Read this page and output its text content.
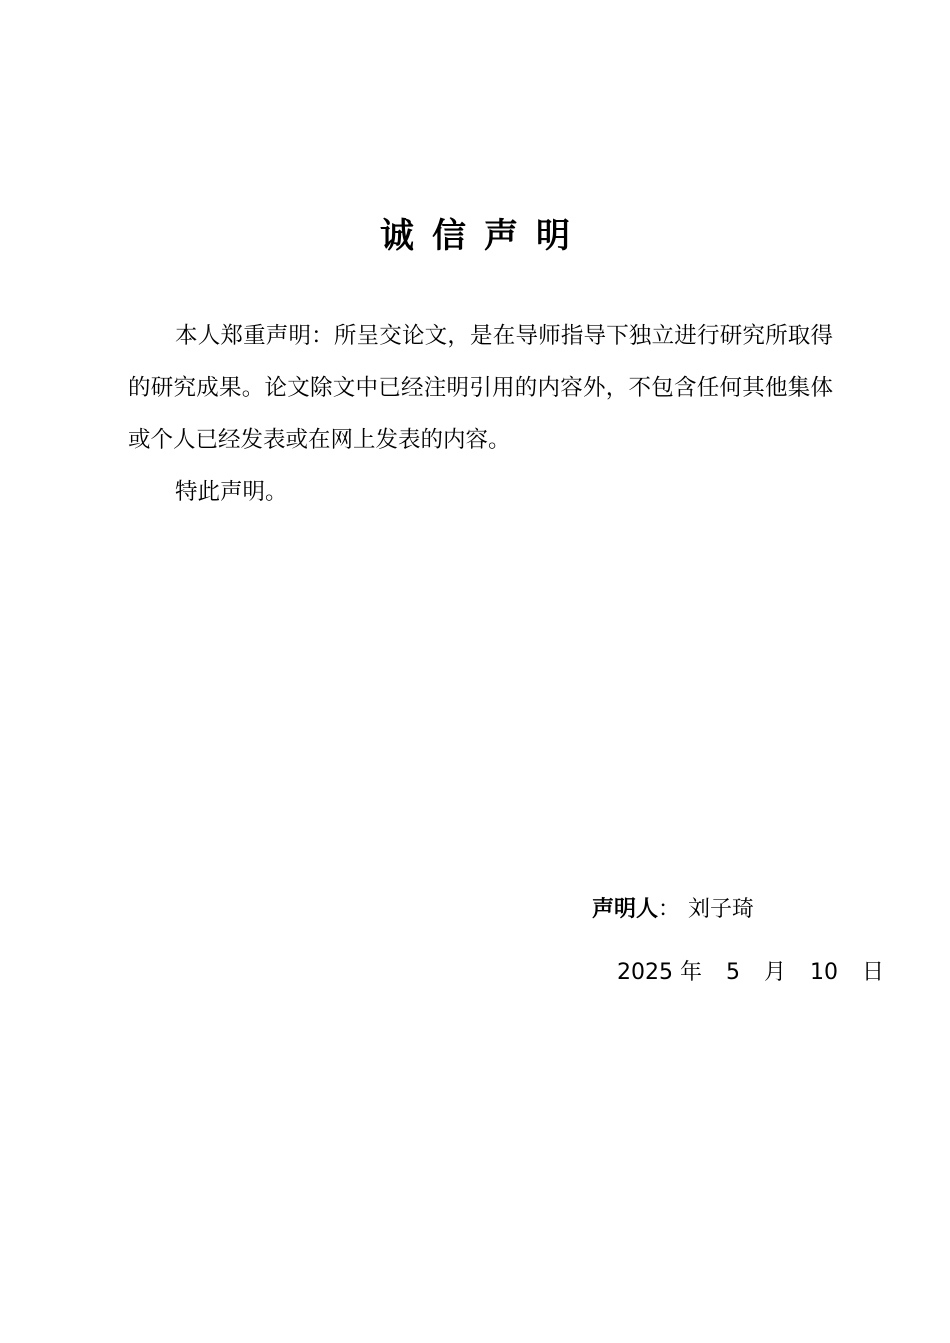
诚信声明

本人郑重声明：所呈交论文，是在导师指导下独立进行研究所取得的研究成果。论文除文中已经注明引用的内容外，不包含任何其他集体或个人已经发表或在网上发表的内容。

特此声明。

声明人： 刘子琦
2025 年 5 月 10 日
